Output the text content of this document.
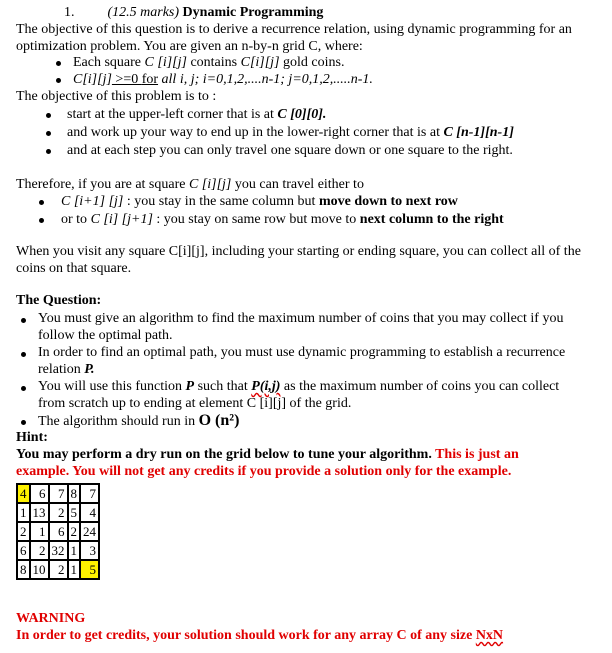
1. (12.5 marks) Dynamic Programming
The objective of this question is to derive a recurrence relation, using dynamic programming for an
optimization problem. You are given an n-by-n grid C, where:
Each square C [i][j] contains C[i][j] gold coins.
C[i][j] >=0 for all i, j; i=0,1,2,....n-1; j=0,1,2,.....n-1.
The objective of this problem is to :
start at the upper-left corner that is at C [0][0].
and work up your way to end up in the lower-right corner that is at C [n-1][n-1]
and at each step you can only travel one square down or one square to the right.
Therefore, if you are at square C [i][j] you can travel either to
C [i+1] [j] : you stay in the same column but move down to next row
or to C [i] [j+1] : you stay on same row but move to next column to the right
When you visit any square C[i][j], including your starting or ending square, you can collect all of the
coins on that square.
The Question:
You must give an algorithm to find the maximum number of coins that you may collect if you
follow the optimal path.
In order to find an optimal path, you must use dynamic programming to establish a recurrence
relation P.
You will use this function P such that P(i,j) as the maximum number of coins you can collect
from scratch up to ending at element C [i][j] of the grid.
The algorithm should run in O (n²)
Hint:
You may perform a dry run on the grid below to tune your algorithm. This is just an
example. You will not get any credits if you provide a solution only for the example.
4	6	7	8	7
1	13	2	5	4
2	1	6	2	24
6	2	32	1	3
8	10	2	1	5
WARNING
In order to get credits, your solution should work for any array C of any size NxN
